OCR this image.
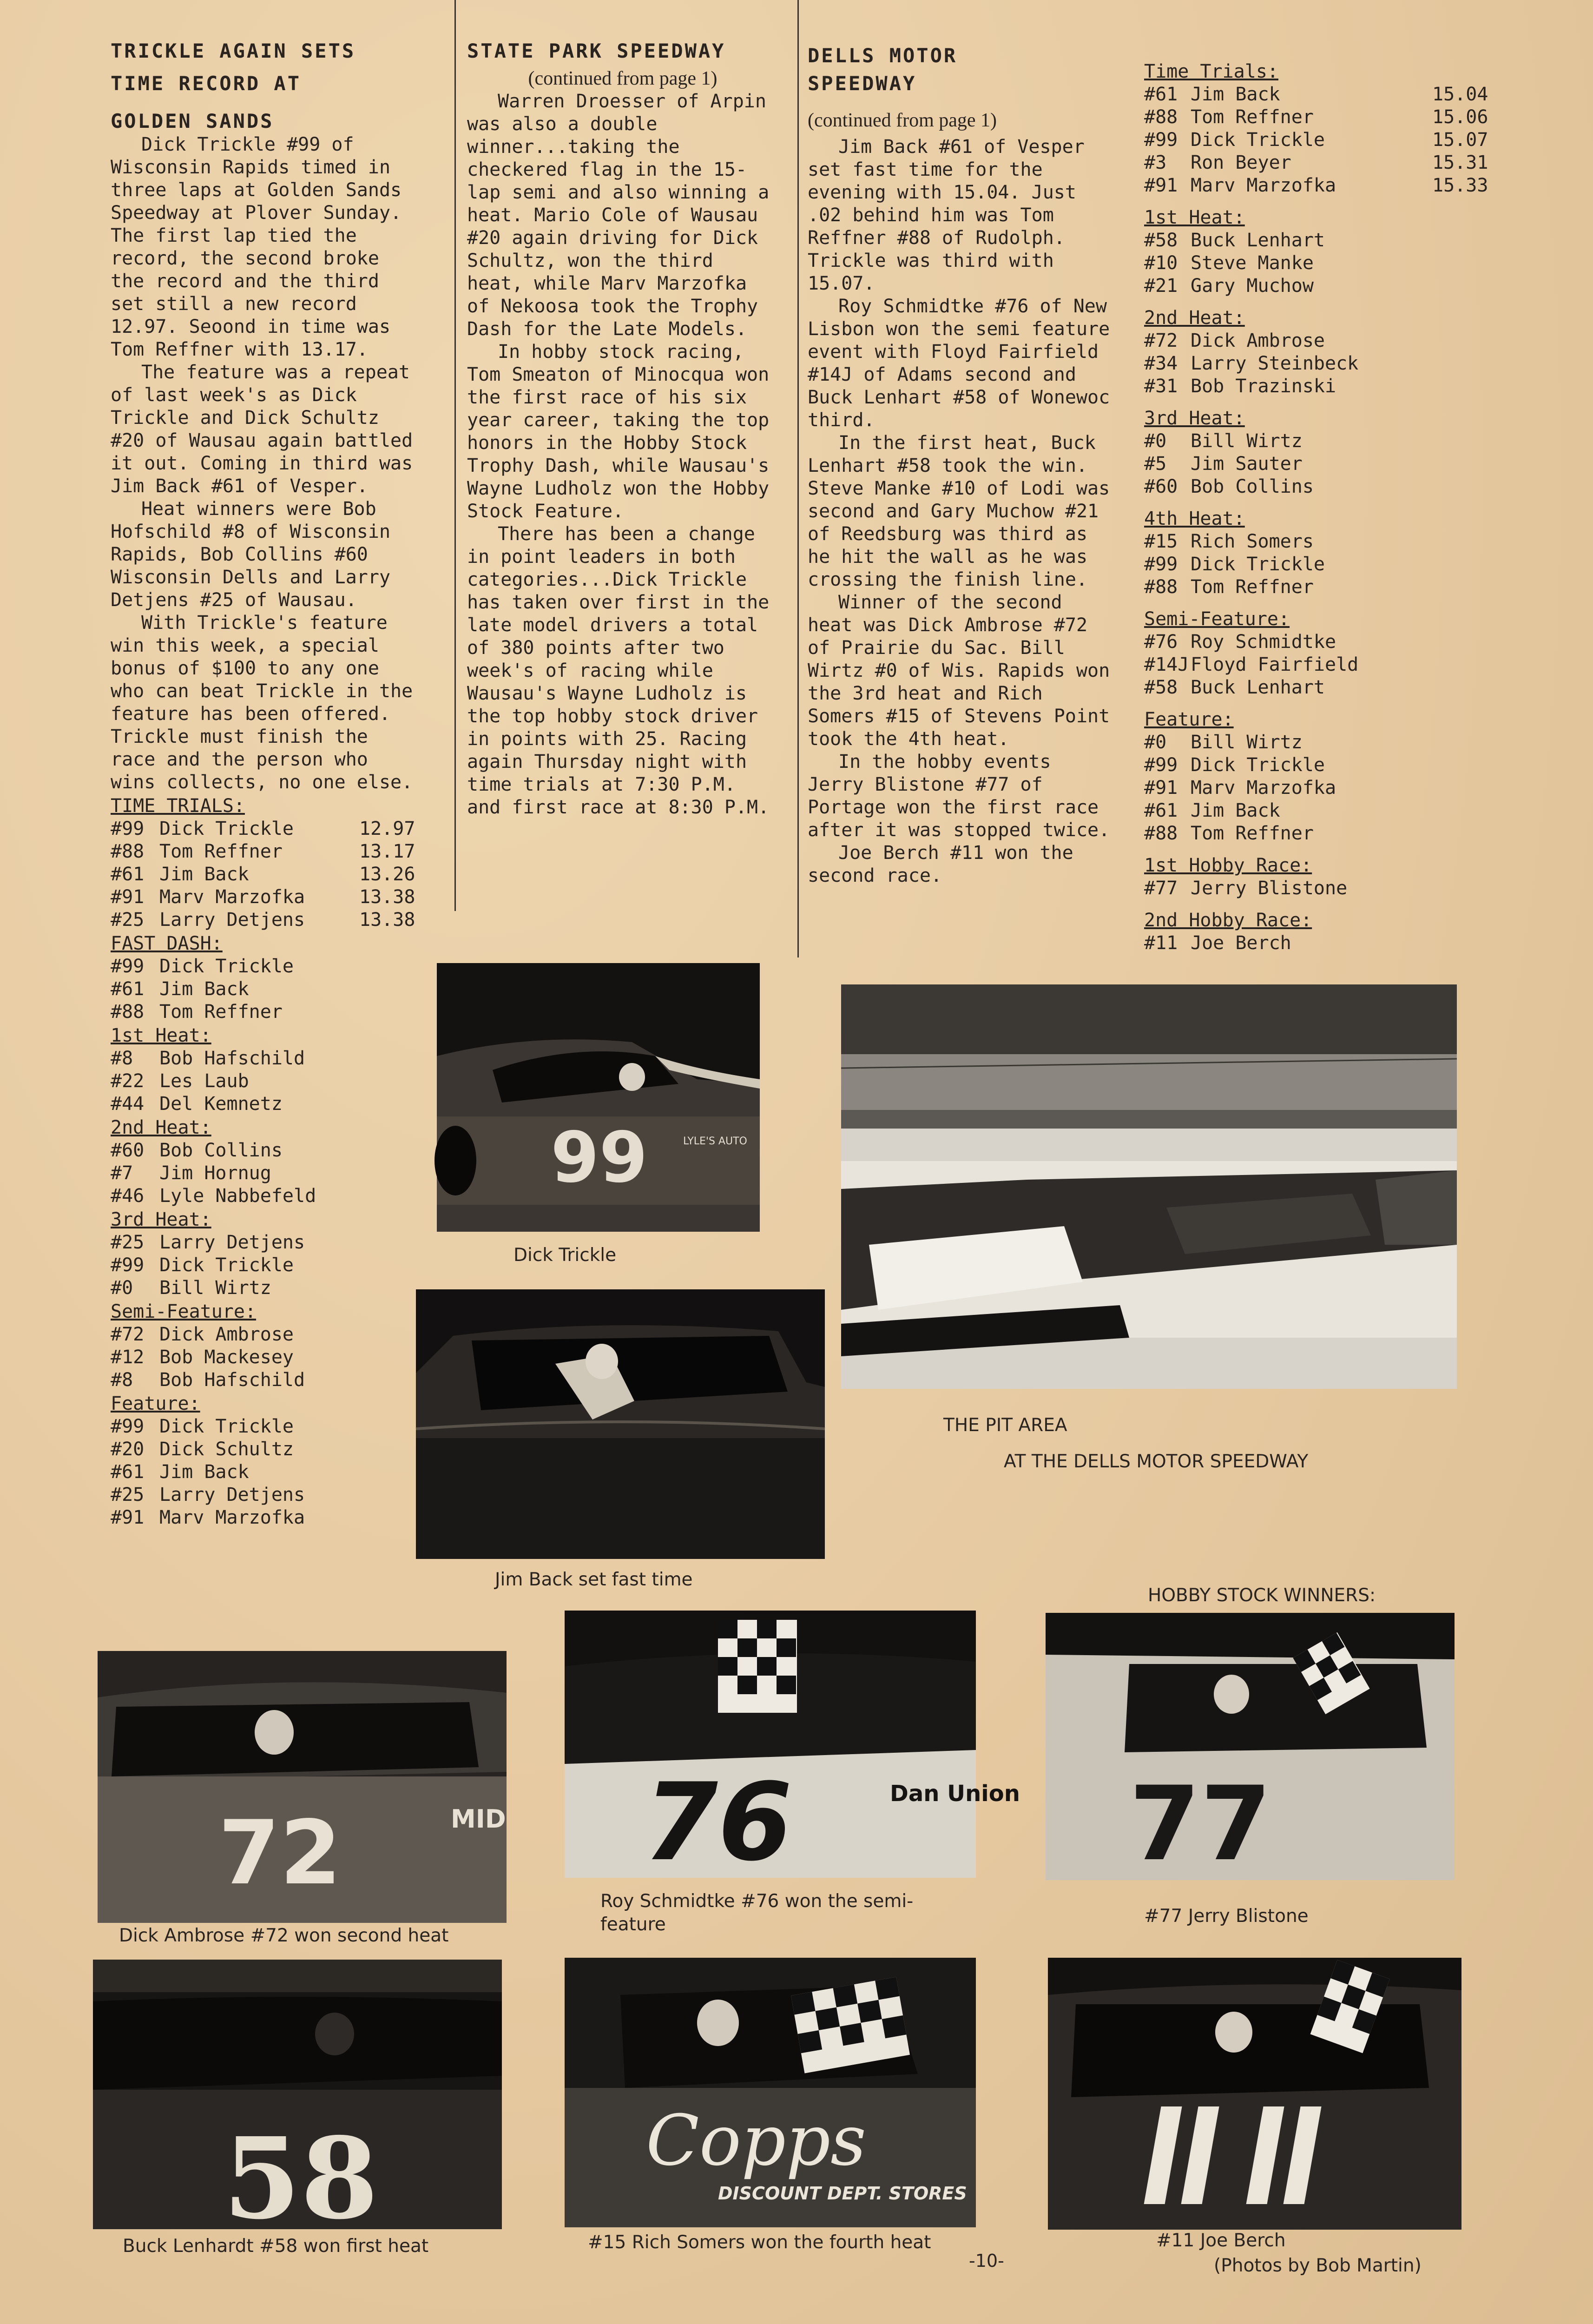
TRICKLE AGAIN SETS

TIME RECORD AT

GOLDEN SANDS

Dick Trickle #99 of Wisconsin Rapids timed in three laps at Golden Sands Speedway at Plover Sunday. The first lap tied the record, the second broke the record and the third set still a new record 12.97. Seoond in time was Tom Reffner with 13.17.

The feature was a repeat of last week's as Dick Trickle and Dick Schultz #20 of Wausau again battled it out. Coming in third was Jim Back #61 of Vesper.

Heat winners were Bob Hofschild #8 of Wisconsin Rapids, Bob Collins #60 Wisconsin Dells and Larry Detjens #25 of Wausau.

With Trickle's feature win this week, a special bonus of $100 to any one who can beat Trickle in the feature has been offered. Trickle must finish the race and the person who wins collects, no one else.

TIME TRIALS:
#99 Dick Trickle	12.97
#88 Tom Reffner	13.17
#61 Jim Back	13.26
#91 Marv Marzofka	13.38
#25 Larry Detjens	13.38
FAST DASH:
#99 Dick Trickle
#61 Jim Back
#88 Tom Reffner
1st Heat:
#8	Bob Hafschild
#22 Les Laub
#44 Del Kemnetz
2nd Heat:
#60 Bob Collins
#7	Jim Hornug
#46 Lyle Nabbefeld
3rd Heat:
#25 Larry Detjens
#99 Dick Trickle
#0	Bill Wirtz
Semi-Feature:
#72 Dick Ambrose
#12 Bob Mackesey
#8	Bob Hafschild
Feature:
#99 Dick Trickle
#20 Dick Schultz
#61 Jim Back
#25 Larry Detjens
#91 Marv Marzofka

STATE PARK SPEEDWAY

(continued from page 1)

Warren Droesser of Arpin was also a double winner...taking the checkered flag in the 15-lap semi and also winning a heat. Mario Cole of Wausau #20 again driving for Dick Schultz, won the third heat, while Marv Marzofka of Nekoosa took the Trophy Dash for the Late Models.

In hobby stock racing, Tom Smeaton of Minocqua won the first race of his six year career, taking the top honors in the Hobby Stock Trophy Dash, while Wausau's Wayne Ludholz won the Hobby Stock Feature.

There has been a change in point leaders in both categories...Dick Trickle has taken over first in the late model drivers a total of 380 points after two week's of racing while Wausau's Wayne Ludholz is the top hobby stock driver in points with 25. Racing again Thursday night with time trials at 7:30 P.M. and first race at 8:30 P.M.

DELLS MOTOR

SPEEDWAY

(continued from page 1)

Jim Back #61 of Vesper set fast time for the evening with 15.04. Just .02 behind him was Tom Reffner #88 of Rudolph. Trickle was third with 15.07.

Roy Schmidtke #76 of New Lisbon won the semi feature event with Floyd Fairfield #14J of Adams second and Buck Lenhart #58 of Wonewoc third.

In the first heat, Buck Lenhart #58 took the win. Steve Manke #10 of Lodi was second and Gary Muchow #21 of Reedsburg was third as he hit the wall as he was crossing the finish line.

Winner of the second heat was Dick Ambrose #72 of Prairie du Sac. Bill Wirtz #0 of Wis. Rapids won the 3rd heat and Rich Somers #15 of Stevens Point took the 4th heat.

In the hobby events Jerry Blistone #77 of Portage won the first race after it was stopped twice.

Joe Berch #11 won the second race.

Time Trials:
#61 Jim Back	15.04
#88 Tom Reffner	15.06
#99 Dick Trickle	15.07
#3	Ron Beyer	15.31
#91 Marv Marzofka	15.33
1st Heat:
#58 Buck Lenhart
#10 Steve Manke
#21 Gary Muchow
2nd Heat:
#72 Dick Ambrose
#34 Larry Steinbeck
#31 Bob Trazinski
3rd Heat:
#0	Bill Wirtz
#5	Jim Sauter
#60 Bob Collins
4th Heat:
#15 Rich Somers
#99 Dick Trickle
#88 Tom Reffner
Semi-Feature:
#76 Roy Schmidtke
#14J Floyd Fairfield
#58 Buck Lenhart
Feature:
#0	Bill Wirtz
#99 Dick Trickle
#91 Marv Marzofka
#61 Jim Back
#88 Tom Reffner
1st Hobby Race:
#77 Jerry Blistone
2nd Hobby Race:
#11 Joe Berch
99	LYLE'S AUTO
Dick Trickle
Jim Back set fast time
THE PIT AREA
AT THE DELLS MOTOR SPEEDWAY
HOBBY STOCK WINNERS:
72	MID
Dick Ambrose #72 won second heat
76	Dan Union
Roy Schmidtke #76 won the semi-feature
77
#77 Jerry Blistone
58
Buck Lenhardt #58 won first heat
Copps
DISCOUNT DEPT. STORES
#15 Rich Somers won the fourth heat	#11 Joe Berch
(Photos by Bob Martin)
-10-
